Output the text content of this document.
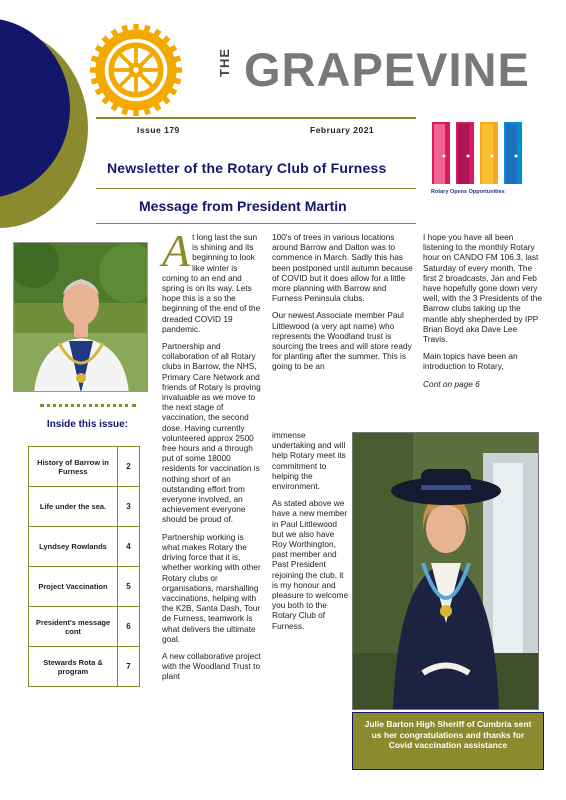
THE GRAPEVINE
Issue 179	February 2021
Rotary Opens Opportunities
Newsletter of the Rotary Club of Furness
Message from President Martin
Inside this issue:
History of Barrow in Furness	2
Life under the sea.	3
Lyndsey Rowlands	4
Project Vaccination	5
President's message cont	6
Stewards Rota & program	7

At long last the sun is shining and its beginning to look like winter is coming to an end and spring is on its way. Lets hope this is a so the beginning of the end of the dreaded COVID 19 pandemic.

Partnership and collaboration of all Rotary clubs in Barrow, the NHS, Primary Care Network and friends of Rotary is proving invaluable as we move to the next stage of vaccination, the second dose. Having currently volunteered approx 2500 free hours and a through put of some 18000 residents for vaccination is nothing short of an outstanding effort from everyone involved, an achievement everyone should be proud of.

Partnership working is what makes Rotary the driving force that it is, whether working with other Rotary clubs or organisations, marshalling vaccinations, helping with the K2B, Santa Dash, Tour de Furness, teamwork is what delivers the ultimate goal.

A new collaborative project with the Woodland Trust to plant

100's of trees in various locations around Barrow and Dalton was to commence in March. Sadly this has been postponed until autumn because of COVID but it does allow for a little more planning with Barrow and Furness Peninsula clubs.

Our newest Associate member Paul Littlewood (a very apt name) who represents the Woodland trust is sourcing the trees and will store ready for planting after the summer. This is going to be an

immense undertaking and will help Rotary meet its commitment to helping the environment.

As stated above we have a new member in Paul Littlewood but we also have Roy Worthington, past member and Past President rejoining the club, it is my honour and pleasure to welcome you both to the Rotary Club of Furness.

I hope you have all been listening to the monthly Rotary hour on CANDO FM 106.3, last Saturday of every month. The first 2 broadcasts, Jan and Feb have hopefully gone down very well, with the 3 Presidents of the Barrow clubs taking up the mantle ably shepherded by IPP Brian Boyd aka Dave Lee Travis.

Main topics have been an introduction to Rotary,

Cont on page 6

Julie Barton High Sheriff of Cumbria sent us her congratulations and thanks for Covid vaccination assistance
